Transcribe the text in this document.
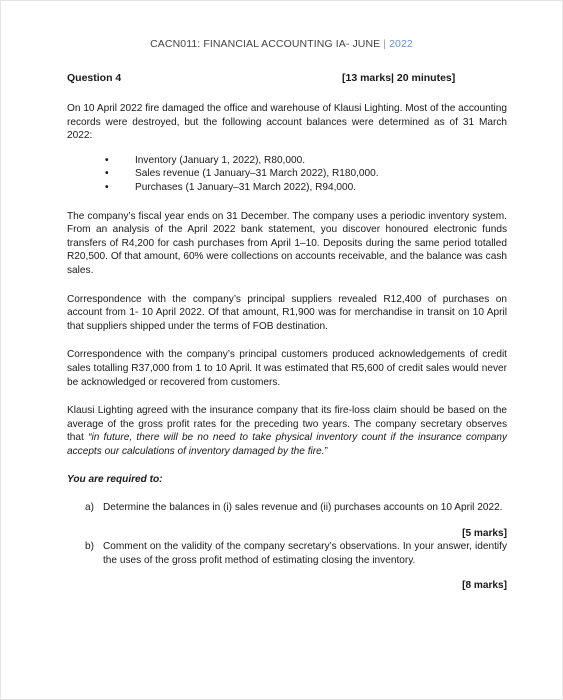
CACN011: FINANCIAL ACCOUNTING IA- JUNE | 2022
Question 4	[13 marks| 20 minutes]

On 10 April 2022 fire damaged the office and warehouse of Klausi Lighting. Most of the accounting records were destroyed, but the following account balances were determined as of 31 March 2022:

•	Inventory (January 1, 2022), R80,000.
•	Sales revenue (1 January–31 March 2022), R180,000.
•	Purchases (1 January–31 March 2022), R94,000.

The company’s fiscal year ends on 31 December. The company uses a periodic inventory system. From an analysis of the April 2022 bank statement, you discover honoured electronic funds transfers of R4,200 for cash purchases from April 1–10. Deposits during the same period totalled R20,500. Of that amount, 60% were collections on accounts receivable, and the balance was cash sales.

Correspondence with the company’s principal suppliers revealed R12,400 of purchases on account from 1- 10 April 2022. Of that amount, R1,900 was for merchandise in transit on 10 April that suppliers shipped under the terms of FOB destination.

Correspondence with the company’s principal customers produced acknowledgements of credit sales totalling R37,000 from 1 to 10 April. It was estimated that R5,600 of credit sales would never be acknowledged or recovered from customers.

Klausi Lighting agreed with the insurance company that its fire-loss claim should be based on the average of the gross profit rates for the preceding two years. The company secretary observes that “in future, there will be no need to take physical inventory count if the insurance company accepts our calculations of inventory damaged by the fire.”

You are required to:

a) Determine the balances in (i) sales revenue and (ii) purchases accounts on 10 April 2022.

[5 marks]

b) Comment on the validity of the company secretary’s observations. In your answer, identify the uses of the gross profit method of estimating closing the inventory.

[8 marks]
